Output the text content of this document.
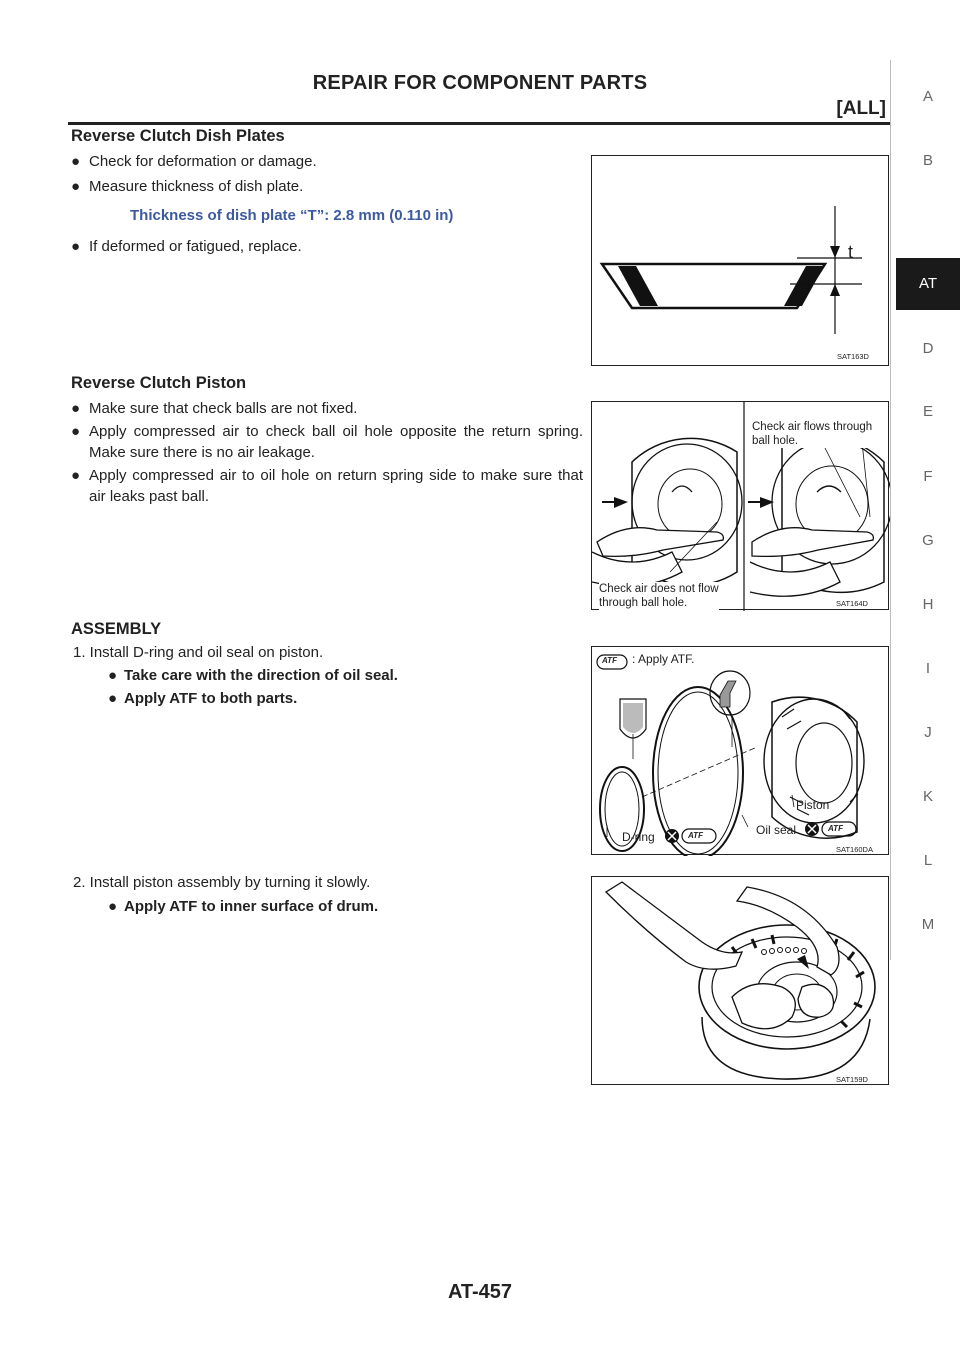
REPAIR FOR COMPONENT PARTS
[ALL]
A
B
AT
D
E
F
G
H
I
J
K
L
M
Reverse Clutch Dish Plates
● Check for deformation or damage.
● Measure thickness of dish plate.
Thickness of dish plate “T”: 2.8 mm (0.110 in)
● If deformed or fatigued, replace.	t
SAT163D
Reverse Clutch Piston
● Make sure that check balls are not fixed.
● Apply compressed air to check ball oil hole opposite the return spring. Make sure there is no air leakage.
● Apply compressed air to oil hole on return spring side to make sure that air leaks past ball.
Check air flows through
ball hole.
Check air does not flow
through ball hole.	SAT164D
ASSEMBLY
1. Install D-ring and oil seal on piston.
● Take care with the direction of oil seal.
● Apply ATF to both parts.
ATF : Apply ATF.
Piston
D-ring	ATF	Oil seal	ATF
SAT160DA
2. Install piston assembly by turning it slowly.
● Apply ATF to inner surface of drum.
SAT159D
AT-457
